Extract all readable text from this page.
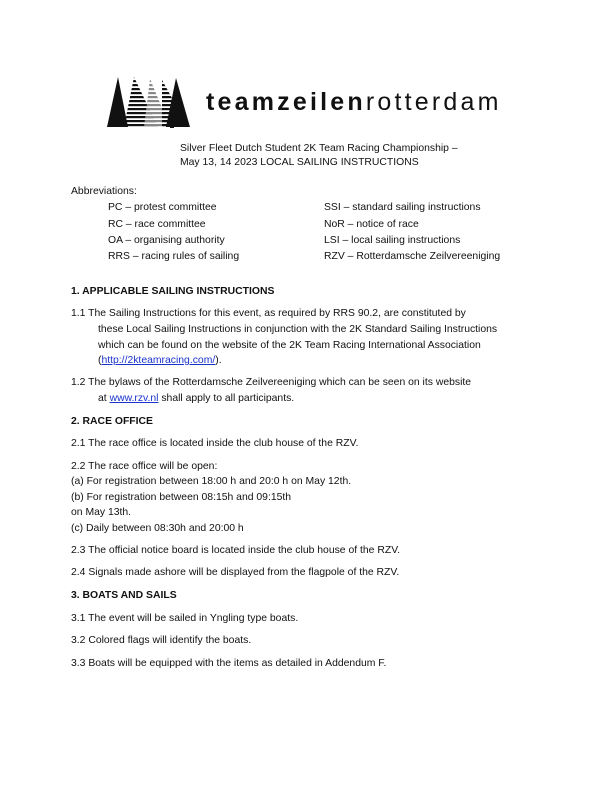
teamzeilenrotterdam
Silver Fleet Dutch Student 2K Team Racing Championship –
May 13, 14 2023 LOCAL SAILING INSTRUCTIONS
Abbreviations:
PC – protest committee
RC – race committee
OA – organising authority
RRS – racing rules of sailing
SSI – standard sailing instructions
NoR – notice of race
LSI – local sailing instructions
RZV – Rotterdamsche Zeilvereeniging
1. APPLICABLE SAILING INSTRUCTIONS
1.1 The Sailing Instructions for this event, as required by RRS 90.2, are constituted by
these Local Sailing Instructions in conjunction with the 2K Standard Sailing Instructions
which can be found on the website of the 2K Team Racing International Association
(http://2kteamracing.com/).
1.2 The bylaws of the Rotterdamsche Zeilvereeniging which can be seen on its website
at www.rzv.nl shall apply to all participants.
2. RACE OFFICE
2.1 The race office is located inside the club house of the RZV.
2.2 The race office will be open:
(a) For registration between 18:00 h and 20:0 h on May 12th.
(b) For registration between 08:15h and 09:15th
on May 13th.
(c) Daily between 08:30h and 20:00 h
2.3 The official notice board is located inside the club house of the RZV.
2.4 Signals made ashore will be displayed from the flagpole of the RZV.
3. BOATS AND SAILS
3.1 The event will be sailed in Yngling type boats.
3.2 Colored flags will identify the boats.
3.3 Boats will be equipped with the items as detailed in Addendum F.
